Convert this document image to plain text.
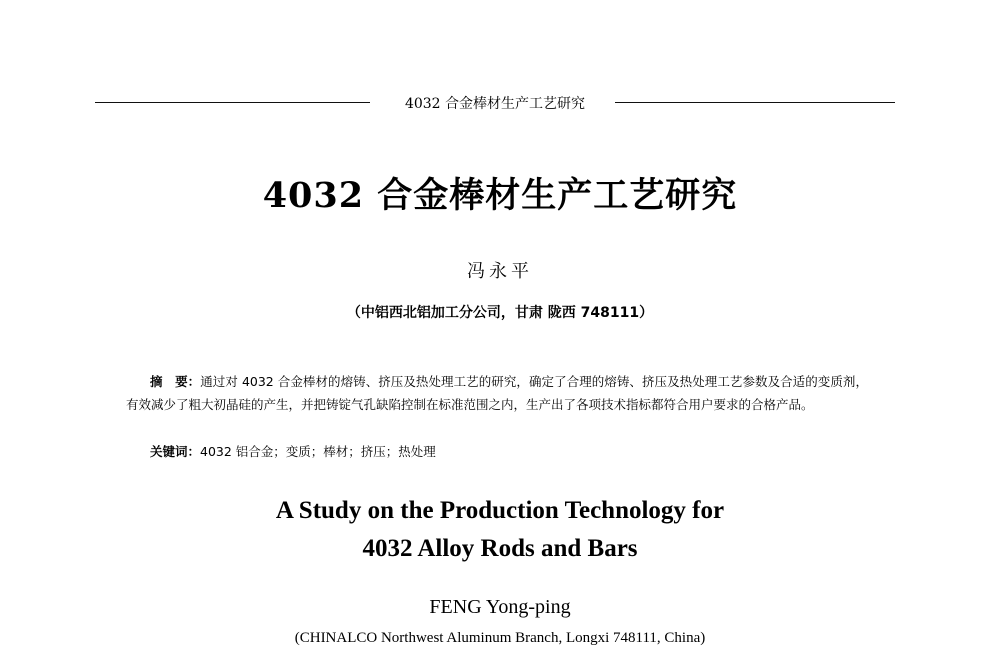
4032 合金棒材生产工艺研究
4032 合金棒材生产工艺研究
冯永平
（中铝西北铝加工分公司，甘肃 陇西 748111）

摘　要：通过对 4032 合金棒材的熔铸、挤压及热处理工艺的研究，确定了合理的熔铸、挤压及热处理工艺参数及合适的变质剂，有效减少了粗大初晶硅的产生，并把铸锭气孔缺陷控制在标准范围之内，生产出了各项技术指标都符合用户要求的合格产品。

关键词：4032 铝合金；变质；棒材；挤压；热处理
A Study on the Production Technology for
4032 Alloy Rods and Bars
FENG Yong-ping
(CHINALCO Northwest Aluminum Branch, Longxi 748111, China)
